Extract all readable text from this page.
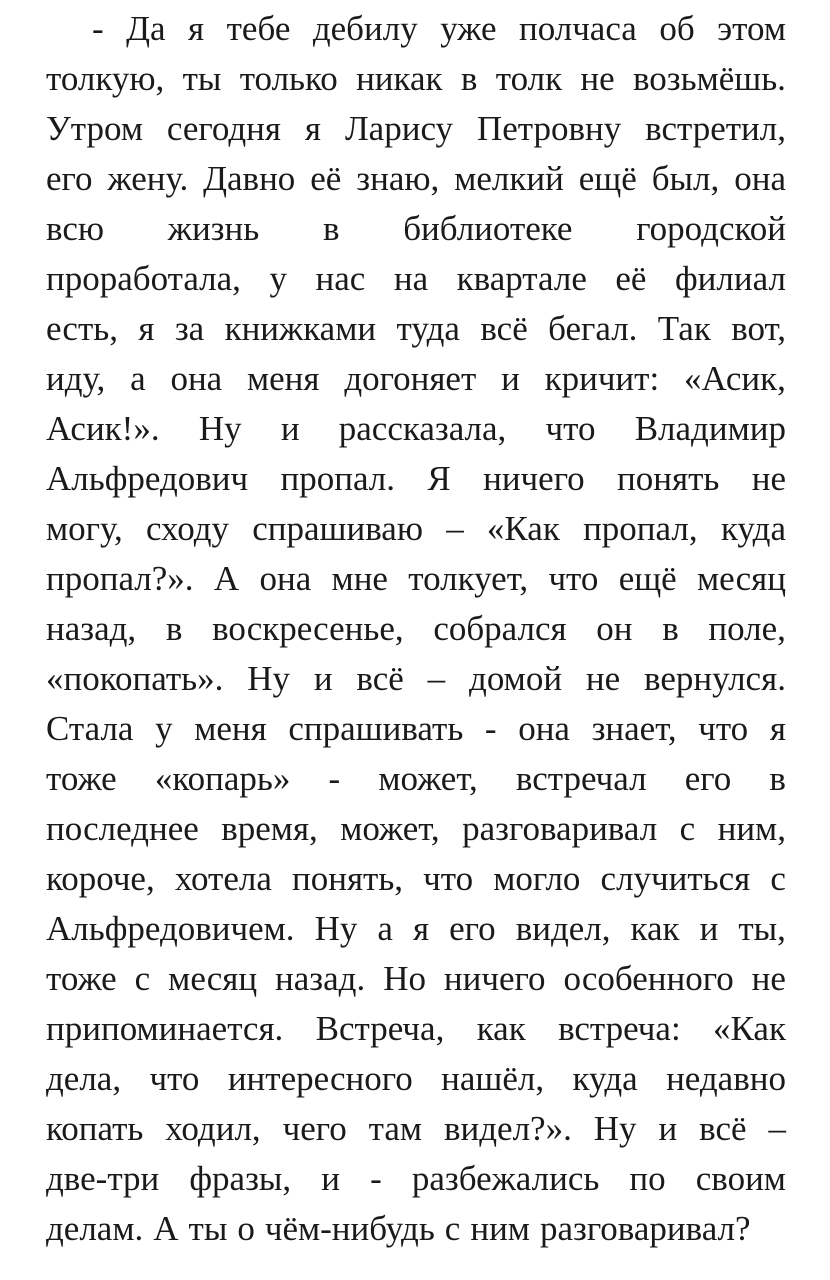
- Да я тебе дебилу уже полчаса об этом
толкую, ты только никак в толк не возьмёшь.
Утром сегодня я Ларису Петровну встретил,
его жену. Давно её знаю, мелкий ещё был, она
всю жизнь в библиотеке городской
проработала, у нас на квартале её филиал
есть, я за книжками туда всё бегал. Так вот,
иду, а она меня догоняет и кричит: «Асик,
Асик!». Ну и рассказала, что Владимир
Альфредович пропал. Я ничего понять не
могу, сходу спрашиваю – «Как пропал, куда
пропал?». А она мне толкует, что ещё месяц
назад, в воскресенье, собрался он в поле,
«покопать». Ну и всё – домой не вернулся.
Стала у меня спрашивать - она знает, что я
тоже «копарь» - может, встречал его в
последнее время, может, разговаривал с ним,
короче, хотела понять, что могло случиться с
Альфредовичем. Ну а я его видел, как и ты,
тоже с месяц назад. Но ничего особенного не
припоминается. Встреча, как встреча: «Как
дела, что интересного нашёл, куда недавно
копать ходил, чего там видел?». Ну и всё –
две-три фразы, и - разбежались по своим
делам. А ты о чём-нибудь с ним разговаривал?
